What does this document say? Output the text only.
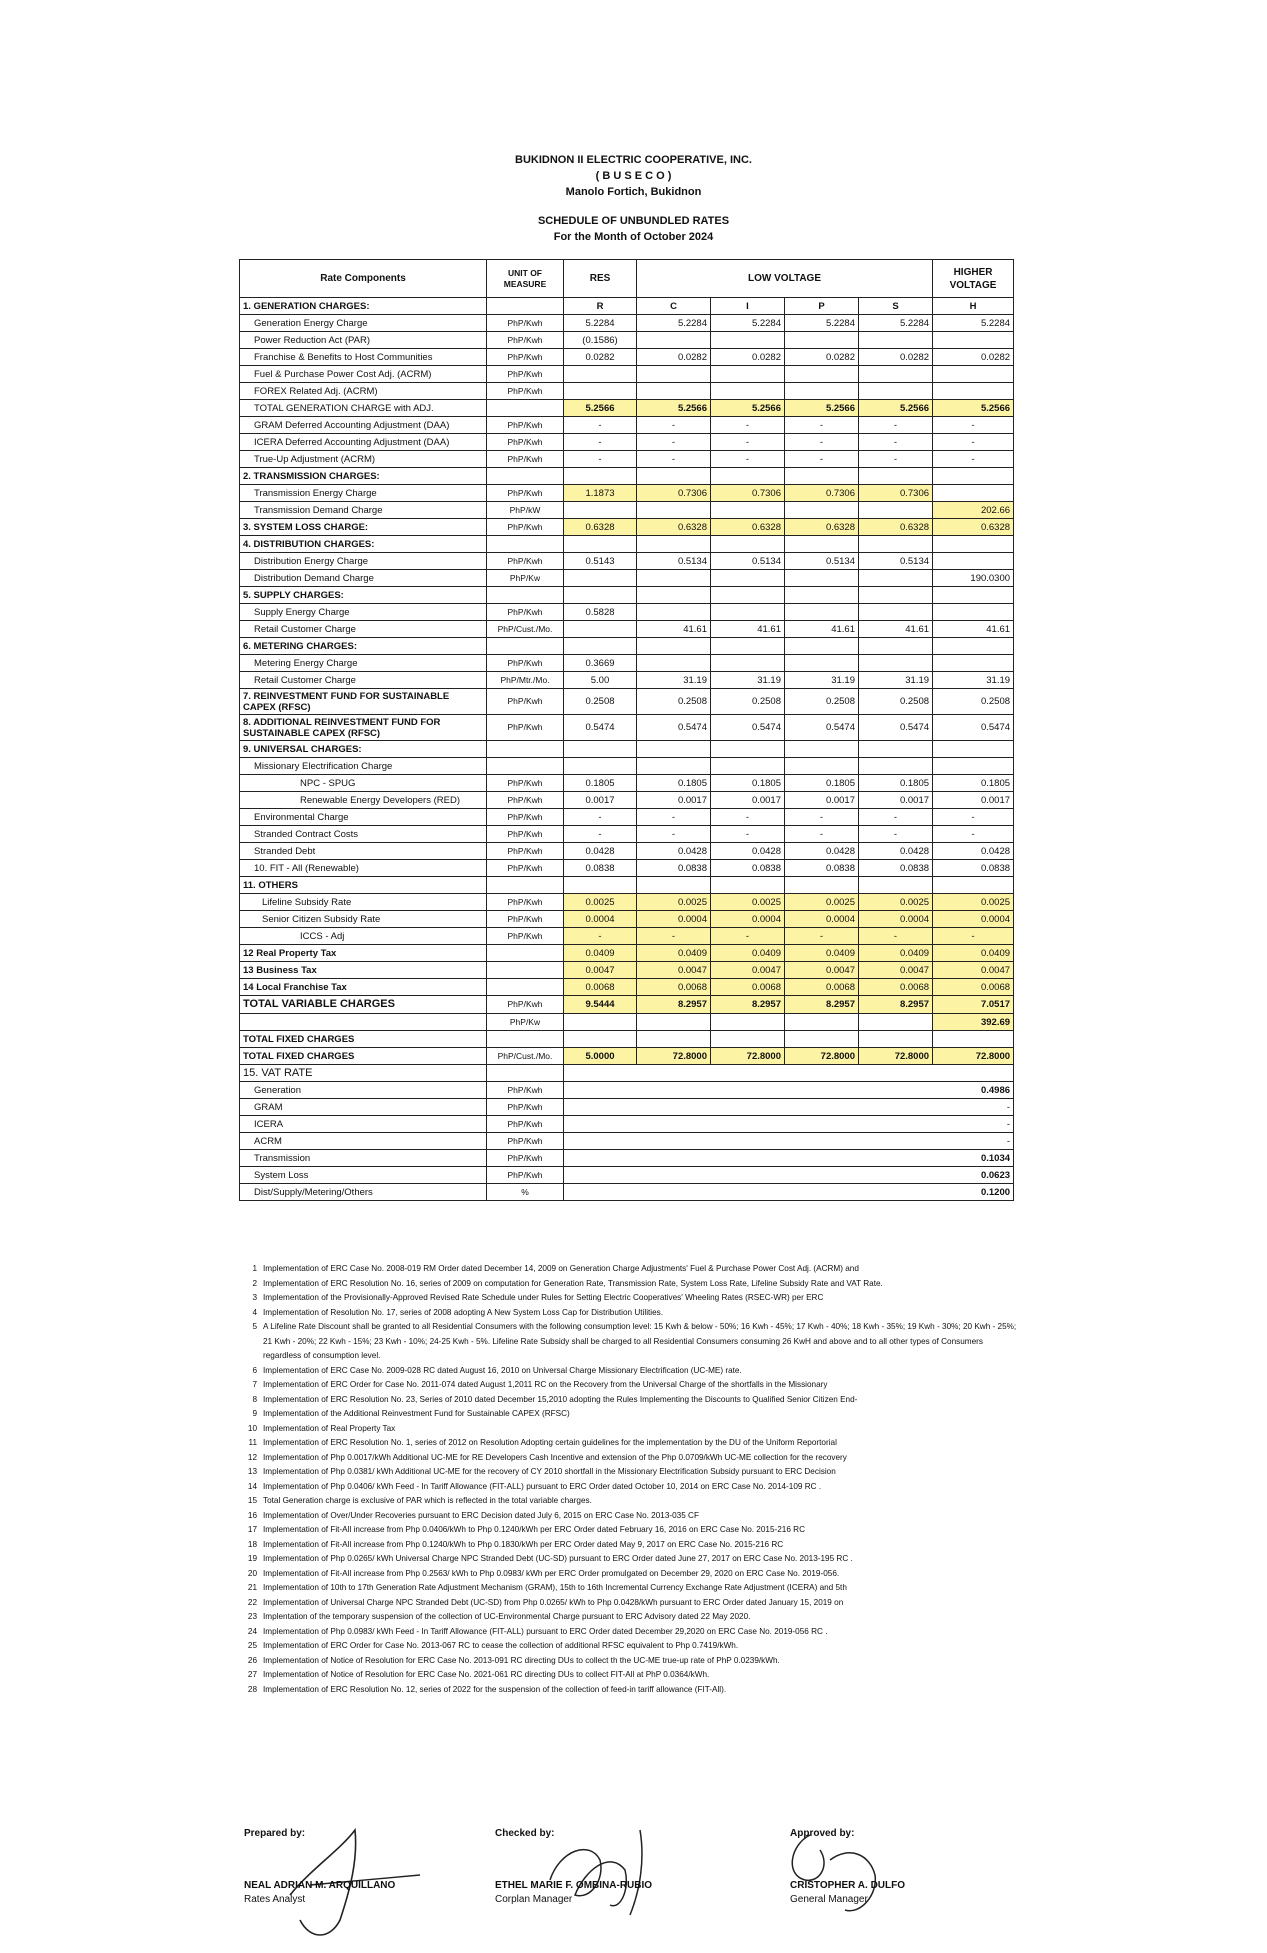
BUKIDNON II ELECTRIC COOPERATIVE, INC.
( B U S E C O )
Manolo Fortich, Bukidnon
SCHEDULE OF UNBUNDLED RATES
For the Month of October 2024
Rate Components	UNIT OF MEASURE	RES	LOW VOLTAGE				HIGHER VOLTAGE
1. GENERATION CHARGES:		R	C	I	P	S	H
Generation Energy Charge	PhP/Kwh	5.2284	5.2284	5.2284	5.2284	5.2284	5.2284
Power Reduction Act (PAR)	PhP/Kwh	(0.1586)					
Franchise & Benefits to Host Communities	PhP/Kwh	0.0282	0.0282	0.0282	0.0282	0.0282	0.0282
Fuel & Purchase Power Cost Adj. (ACRM)	PhP/Kwh						
FOREX Related Adj. (ACRM)	PhP/Kwh						
TOTAL GENERATION CHARGE with ADJ.		5.2566	5.2566	5.2566	5.2566	5.2566	5.2566
GRAM Deferred Accounting Adjustment (DAA)	PhP/Kwh	-	-	-	-	-	-
ICERA Deferred Accounting Adjustment (DAA)	PhP/Kwh	-	-	-	-	-	-
True-Up Adjustment (ACRM)	PhP/Kwh	-	-	-	-	-	-
2. TRANSMISSION CHARGES:							
Transmission Energy Charge	PhP/Kwh	1.1873	0.7306	0.7306	0.7306	0.7306	
Transmission Demand Charge	PhP/kW						202.66
3. SYSTEM LOSS CHARGE:	PhP/Kwh	0.6328	0.6328	0.6328	0.6328	0.6328	0.6328
4. DISTRIBUTION CHARGES:							
Distribution Energy Charge	PhP/Kwh	0.5143	0.5134	0.5134	0.5134	0.5134	
Distribution Demand Charge	PhP/Kw						190.0300
5. SUPPLY CHARGES:							
Supply Energy Charge	PhP/Kwh	0.5828					
Retail Customer Charge	PhP/Cust./Mo.		41.61	41.61	41.61	41.61	41.61
6. METERING CHARGES:							
Metering Energy Charge	PhP/Kwh	0.3669					
Retail Customer Charge	PhP/Mtr./Mo.	5.00	31.19	31.19	31.19	31.19	31.19
7. REINVESTMENT FUND FOR SUSTAINABLE CAPEX (RFSC)	PhP/Kwh	0.2508	0.2508	0.2508	0.2508	0.2508	0.2508
8. ADDITIONAL REINVESTMENT FUND FOR SUSTAINABLE CAPEX (RFSC)	PhP/Kwh	0.5474	0.5474	0.5474	0.5474	0.5474	0.5474
9. UNIVERSAL CHARGES:							
Missionary Electrification Charge							
NPC - SPUG	PhP/Kwh	0.1805	0.1805	0.1805	0.1805	0.1805	0.1805
Renewable Energy Developers (RED)	PhP/Kwh	0.0017	0.0017	0.0017	0.0017	0.0017	0.0017
Environmental Charge	PhP/Kwh	-	-	-	-	-	-
Stranded Contract Costs	PhP/Kwh	-	-	-	-	-	-
Stranded Debt	PhP/Kwh	0.0428	0.0428	0.0428	0.0428	0.0428	0.0428
10. FIT - All (Renewable)	PhP/Kwh	0.0838	0.0838	0.0838	0.0838	0.0838	0.0838
11. OTHERS							
Lifeline Subsidy Rate	PhP/Kwh	0.0025	0.0025	0.0025	0.0025	0.0025	0.0025
Senior Citizen Subsidy Rate	PhP/Kwh	0.0004	0.0004	0.0004	0.0004	0.0004	0.0004
ICCS - Adj	PhP/Kwh	-	-	-	-	-	-
12 Real Property Tax		0.0409	0.0409	0.0409	0.0409	0.0409	0.0409
13 Business Tax		0.0047	0.0047	0.0047	0.0047	0.0047	0.0047
14 Local Franchise Tax		0.0068	0.0068	0.0068	0.0068	0.0068	0.0068
TOTAL VARIABLE CHARGES	PhP/Kwh	9.5444	8.2957	8.2957	8.2957	8.2957	7.0517
	PhP/Kw						392.69
TOTAL FIXED CHARGES							
TOTAL FIXED CHARGES	PhP/Cust./Mo.	5.0000	72.8000	72.8000	72.8000	72.8000	72.8000
15. VAT RATE							
Generation	PhP/Kwh	0.4986					
GRAM	PhP/Kwh	-					
ICERA	PhP/Kwh	-					
ACRM	PhP/Kwh	-					
Transmission	PhP/Kwh	0.1034					
System Loss	PhP/Kwh	0.0623					
Dist/Supply/Metering/Others	%	0.1200					
1 Implementation of ERC Case No. 2008-019 RM Order dated December 14, 2009 on Generation Charge Adjustments' Fuel & Purchase Power Cost Adj. (ACRM) and
2 Implementation of ERC Resolution No. 16, series of 2009 on computation for Generation Rate, Transmission Rate, System Loss Rate, Lifeline Subsidy Rate and VAT Rate.
3 Implementation of the Provisionally-Approved Revised Rate Schedule under Rules for Setting Electric Cooperatives' Wheeling Rates (RSEC-WR) per ERC
4 Implementation of Resolution No. 17, series of 2008 adopting A New System Loss Cap for Distribution Utilities.
5 A Lifeline Rate Discount shall be granted to all Residential Consumers with the following consumption level: 15 Kwh & below - 50%; 16 Kwh - 45%; 17 Kwh - 40%; 18 Kwh - 35%; 19 Kwh - 30%; 20 Kwh - 25%; 21 Kwh - 20%; 22 Kwh - 15%; 23 Kwh - 10%; 24-25 Kwh - 5%. Lifeline Rate Subsidy shall be charged to all Residential Consumers consuming 26 KwH and above and to all other types of Consumers regardless of consumption level.
6 Implementation of ERC Case No. 2009-028 RC dated August 16, 2010 on Universal Charge Missionary Electrification (UC-ME) rate.
7 Implementation of ERC Order for Case No. 2011-074 dated August 1,2011 RC on the Recovery from the Universal Charge of the shortfalls in the Missionary
8 Implementation of ERC Resolution No. 23, Series of 2010 dated December 15,2010 adopting the Rules Implementing the Discounts to Qualified Senior Citizen End-
9 Implementation of the Additional Reinvestment Fund for Sustainable CAPEX (RFSC)
10 Implementation of Real Property Tax
11 Implementation of ERC Resolution No. 1, series of 2012 on Resolution Adopting certain guidelines for the implementation by the DU of the Uniform Reportorial
12 Implementation of Php 0.0017/kWh Additional UC-ME for RE Developers Cash Incentive and extension of the Php 0.0709/kWh UC-ME collection for the recovery
13 Implementation of Php 0.0381/ kWh Additional UC-ME for the recovery of CY 2010 shortfall in the Missionary Electrification Subsidy pursuant to ERC Decision
14 Implementation of Php 0.0406/ kWh Feed - In Tariff Allowance (FIT-ALL) pursuant to ERC Order dated October 10, 2014 on ERC Case No. 2014-109 RC .
15 Total Generation charge is exclusive of PAR which is reflected in the total variable charges.
16 Implementation of Over/Under Recoveries pursuant to ERC Decision dated July 6, 2015 on ERC Case No. 2013-035 CF
17 Implementation of Fit-All increase from Php 0.0406/kWh to Php 0.1240/kWh per ERC Order dated February 16, 2016 on ERC Case No. 2015-216 RC
18 Implementation of Fit-All increase from Php 0.1240/kWh to Php 0.1830/kWh per ERC Order dated May 9, 2017 on ERC Case No. 2015-216 RC
19 Implementation of Php 0.0265/ kWh Universal Charge NPC Stranded Debt (UC-SD) pursuant to ERC Order dated June 27, 2017 on ERC Case No. 2013-195 RC .
20 Implementation of Fit-All increase from Php 0.2563/ kWh to Php 0.0983/ kWh per ERC Order promulgated on December 29, 2020 on ERC Case No. 2019-056.
21 Implementation of 10th to 17th Generation Rate Adjustment Mechanism (GRAM), 15th to 16th Incremental Currency Exchange Rate Adjustment (ICERA) and 5th
22 Implementation of Universal Charge NPC Stranded Debt (UC-SD) from Php 0.0265/ kWh to Php 0.0428/kWh pursuant to ERC Order dated January 15, 2019 on
23 Implentation of the temporary suspension of the collection of UC-Environmental Charge pursuant to ERC Advisory dated 22 May 2020.
24 Implementation of Php 0.0983/ kWh Feed - In Tariff Allowance (FIT-ALL) pursuant to ERC Order dated December 29,2020 on ERC Case No. 2019-056 RC .
25 Implementation of ERC Order for Case No. 2013-067 RC to cease the collection of additional RFSC equivalent to Php 0.7419/kWh.
26 Implementation of Notice of Resolution for ERC Case No. 2013-091 RC directing DUs to collect th the UC-ME true-up rate of PhP 0.0239/kWh.
27 Implementation of Notice of Resolution for ERC Case No. 2021-061 RC directing DUs to collect FIT-All at PhP 0.0364/kWh.
28 Implementation of ERC Resolution No. 12, series of 2022 for the suspension of the collection of feed-in tariff allowance (FIT-All).
Prepared by:
NEAL ADRIAN M. ARQUILLANO
Rates Analyst
Checked by:
ETHEL MARIE F. OMBINA-RUBIO
Corplan Manager
Approved by:
CRISTOPHER A. DULFO
General Manager
